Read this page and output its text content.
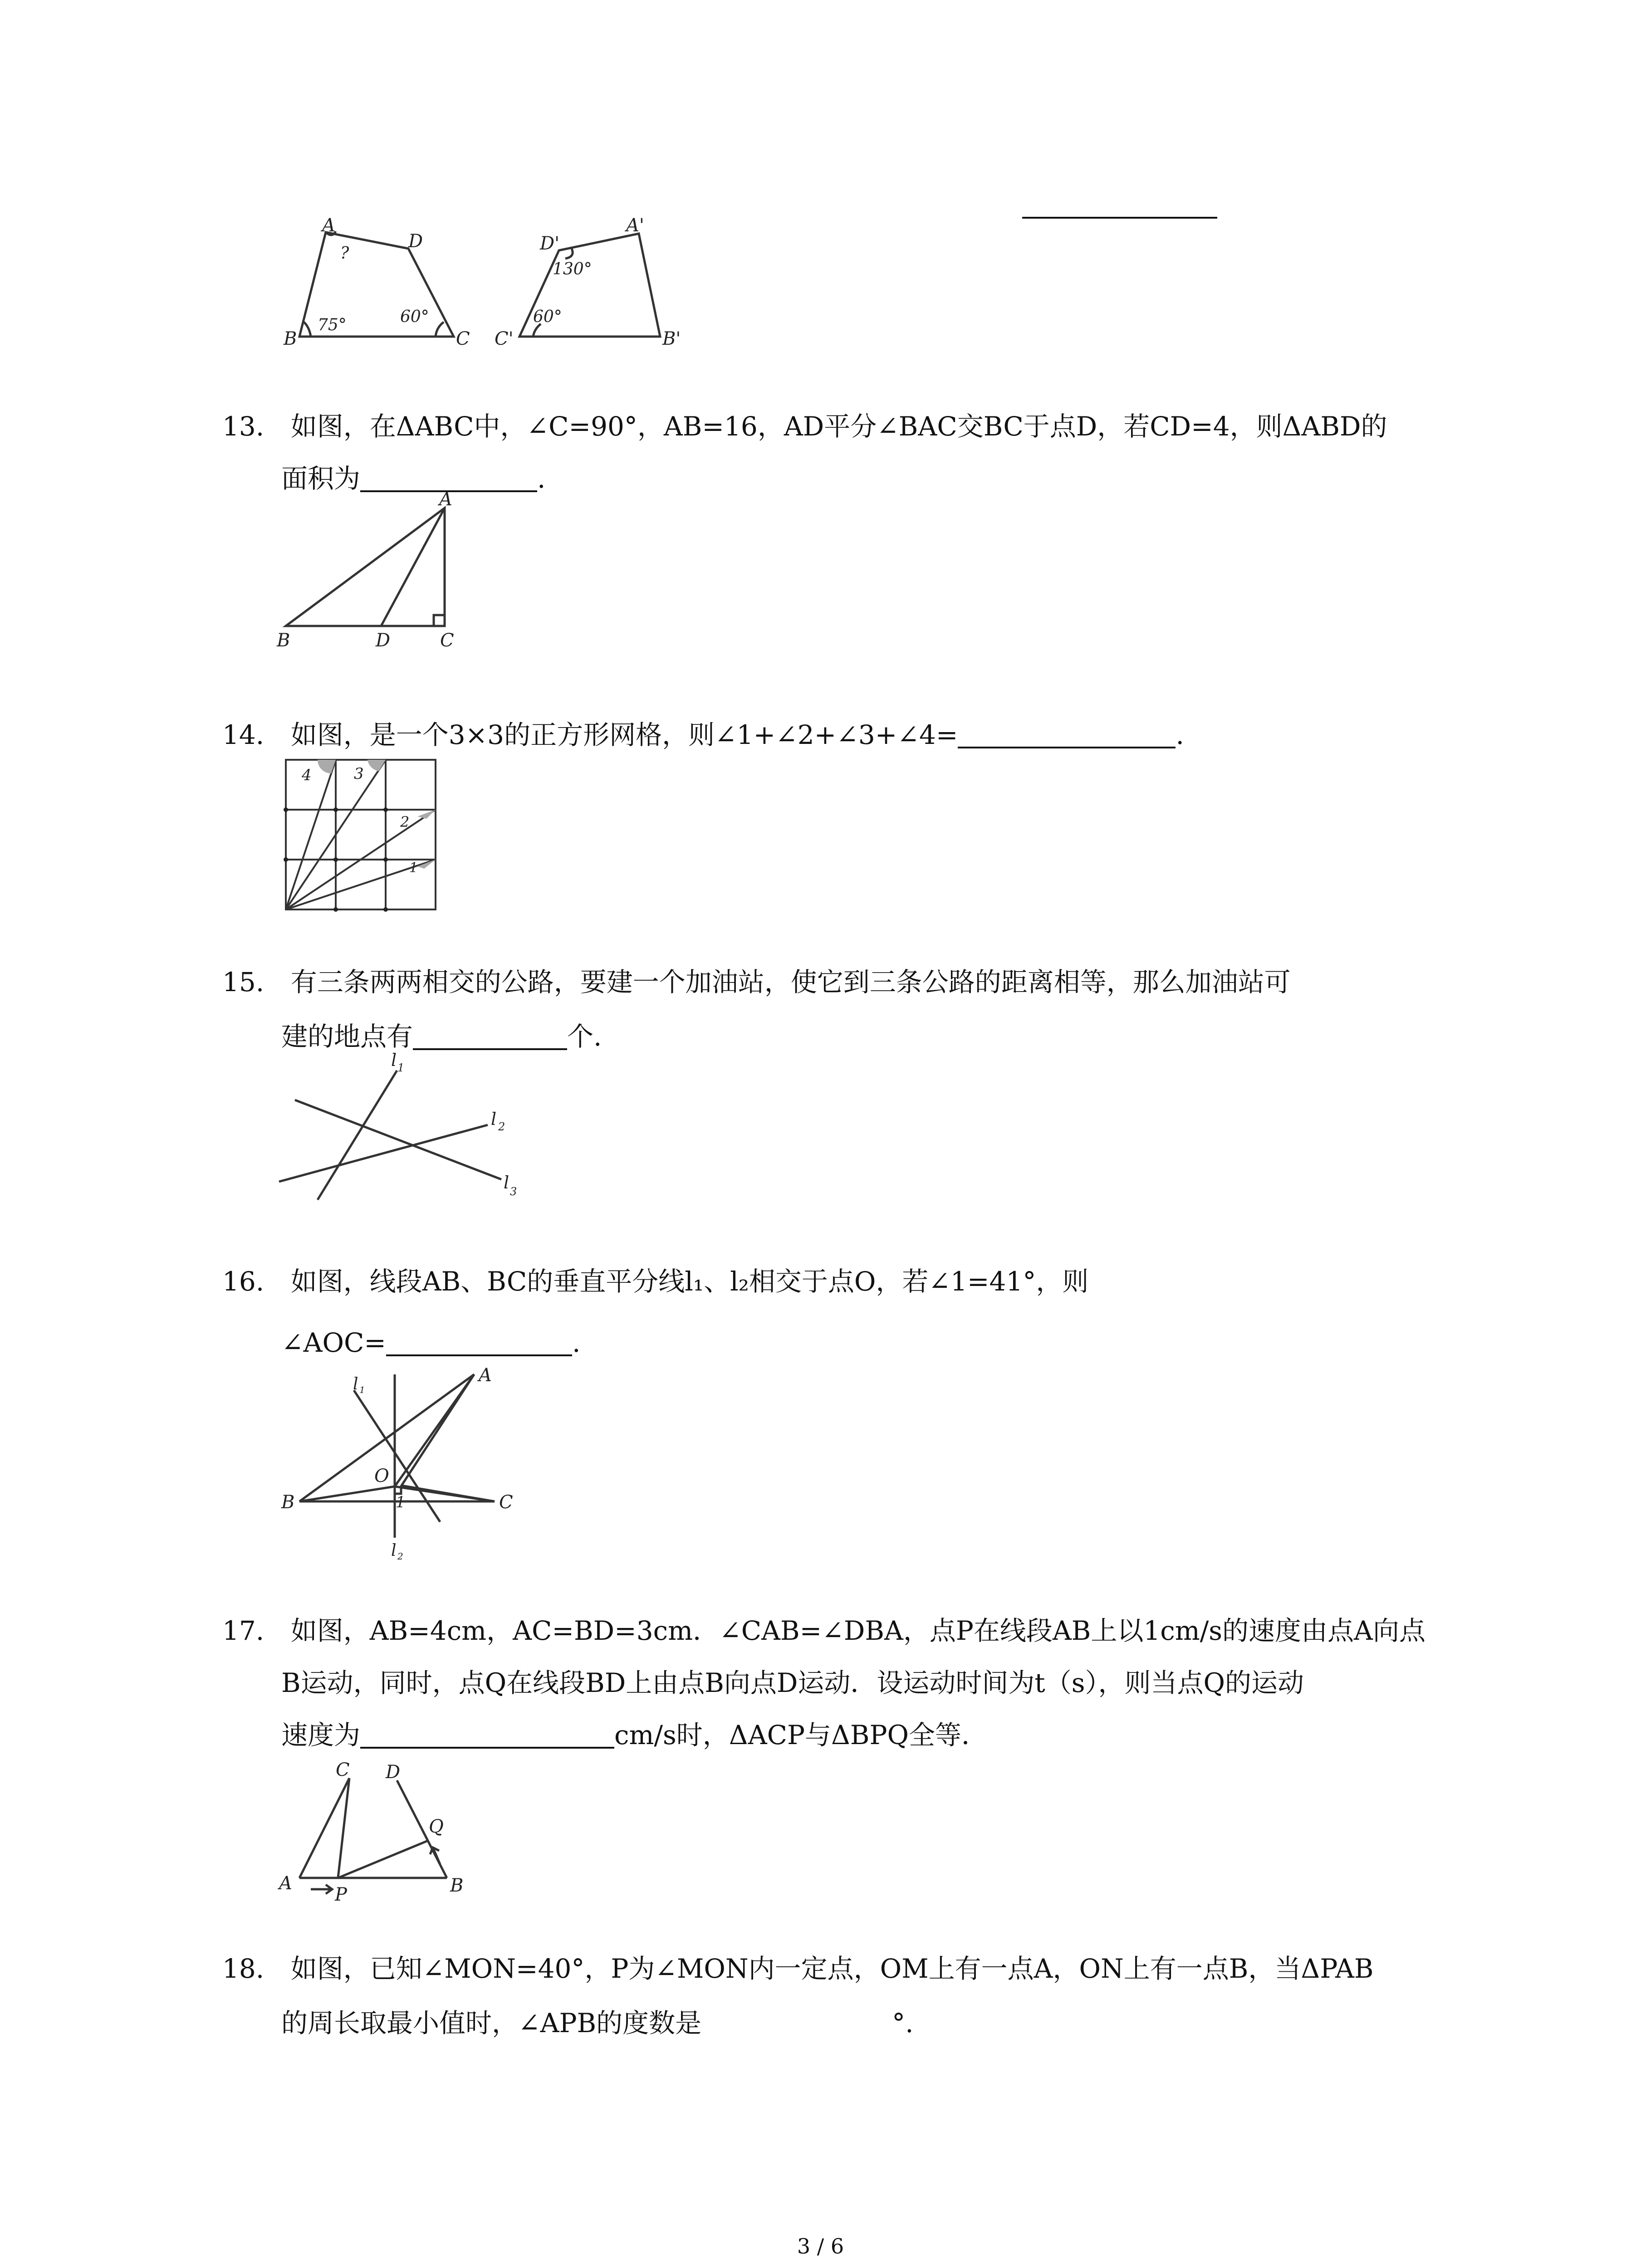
A
D
B	C
?
75°	60°
D'
A'
C'	B'
130°
60°
13. 如图，在ΔABC中，∠C=90°，AB=16，AD平分∠BAC交BC于点D，若CD=4，则ΔABD的
面积为	.
A
B	D	C
14. 如图，是一个3×3的正方形网格，则∠1+∠2+∠3+∠4=	.
4	3
2
1
15. 有三条两两相交的公路，要建一个加油站，使它到三条公路的距离相等，那么加油站可
建的地点有	个.
l 1
l 2
l 3
16. 如图，线段AB、BC的垂直平分线l₁、l₂相交于点O，若∠1=41°，则
∠AOC=	.
l 1
A
O
1
B	C
l 2
17. 如图，AB=4cm，AC=BD=3cm．∠CAB=∠DBA，点P在线段AB上以1cm/s的速度由点A向点
B运动，同时，点Q在线段BD上由点B向点D运动．设运动时间为t（s），则当点Q的运动
速度为	cm/s时，ΔACP与ΔBPQ全等．
C D
Q
A
P	B
18. 如图，已知∠MON=40°，P为∠MON内一定点，OM上有一点A，ON上有一点B，当ΔPAB
的周长取最小值时，∠APB的度数是	°.
3 / 6
